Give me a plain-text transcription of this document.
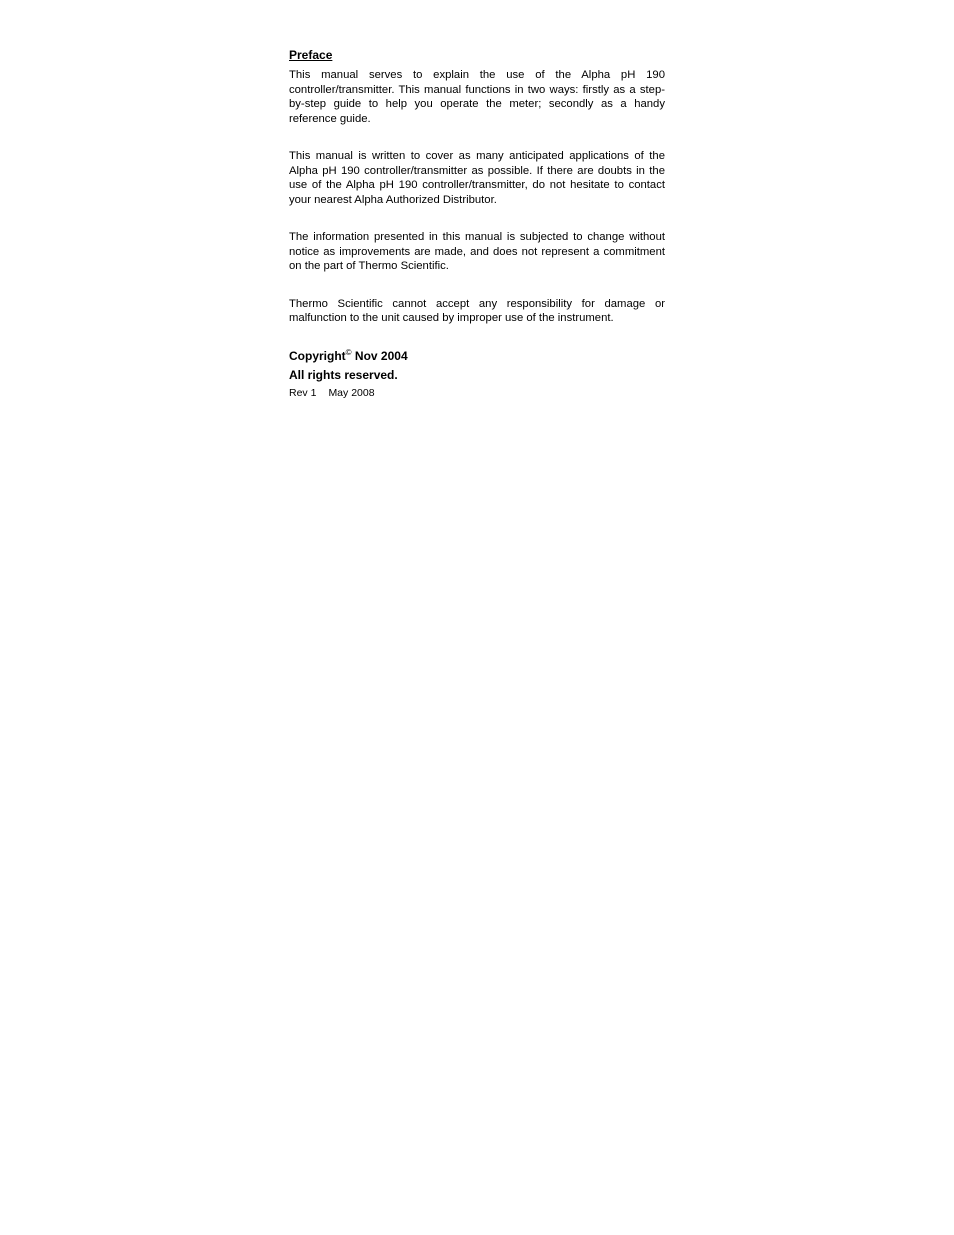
Preface

This manual serves to explain the use of the Alpha pH 190 controller/transmitter. This manual functions in two ways: firstly as a step-by-step guide to help you operate the meter; secondly as a handy reference guide.

This manual is written to cover as many anticipated applications of the Alpha pH 190 controller/transmitter as possible. If there are doubts in the use of the Alpha pH 190 controller/transmitter, do not hesitate to contact your nearest Alpha Authorized Distributor.

The information presented in this manual is subjected to change without notice as improvements are made, and does not represent a commitment on the part of Thermo Scientific.

Thermo Scientific cannot accept any responsibility for damage or malfunction to the unit caused by improper use of the instrument.

Copyright© Nov 2004
All rights reserved.
Rev 1 May 2008
